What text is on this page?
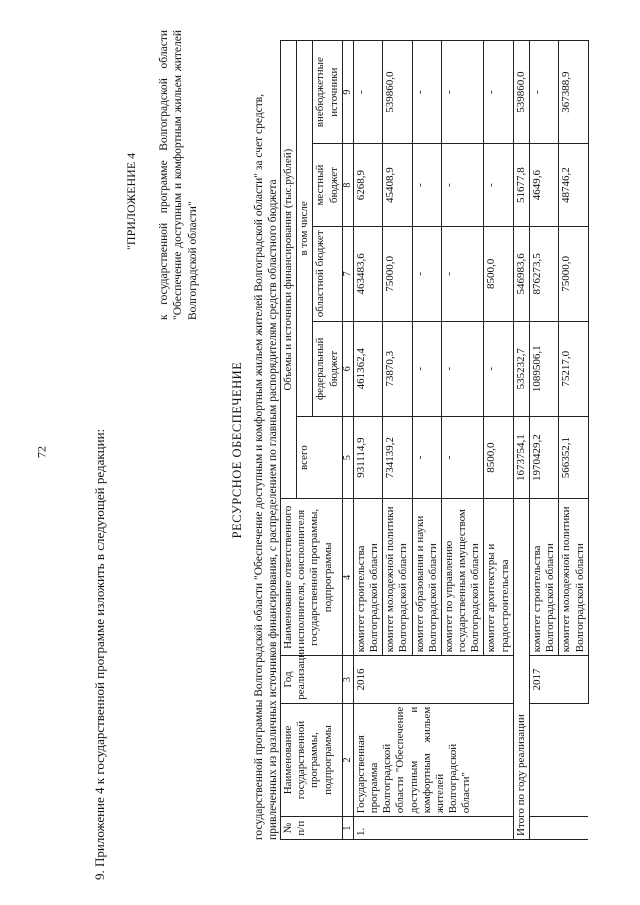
72	9. Приложение 4 к государственной программе изложить в следующей редакции:
"ПРИЛОЖЕНИЕ 4 к государственной программе Волгоградской области "Обеспечение доступным и комфортным жильем жителей Волгоградской области"
РЕСУРСНОЕ ОБЕСПЕЧЕНИЕ государственной программы Волгоградской области "Обеспечение доступным и комфортным жильем жителей Волгоградской области" за счет средств, привлеченных из различных источников финансирования, с распределением по главным распорядителям средств областного бюджета № п/п	Наименование государственной программы, подпрограммы	Год реализации	Наименование ответственного исполнителя, соисполнителя государственной программы, подпрограммы	Объемы и источники финансирования (тыс.рублей)				
				всего	в том числе			
					федеральный бюджет	областной бюджет	местный бюджет	внебюджетные источники
1	2	3	4	5	6	7	8	9
1.	Государственная программа Волгоградской области "Обеспечение доступным и комфортным жильем жителей Волгоградской области"	2016	комитет строительства Волгоградской области	931114,9	461362,4	463483,6	6268,9	-
			комитет молодежной политики Волгоградской области	734139,2	73870,3	75000,0	45408,9	539860,0
			комитет образования и науки Волгоградской области	-	-	-	-	-
			комитет по управлению государственным имуществом Волгоградской области	-	-	-	-	-
			комитет архитектуры и градостроительства	8500,0	-	8500,0	-	-
Итого по году реализации				1673754,1	535232,7	546983,6	51677,8	539860,0
		2017	комитет строительства Волгоградской области	1970429,2	1089506,1	876273,5	4649,6	-
			комитет молодежной политики Волгоградской области	566352,1	75217,0	75000,0	48746,2	367388,9
